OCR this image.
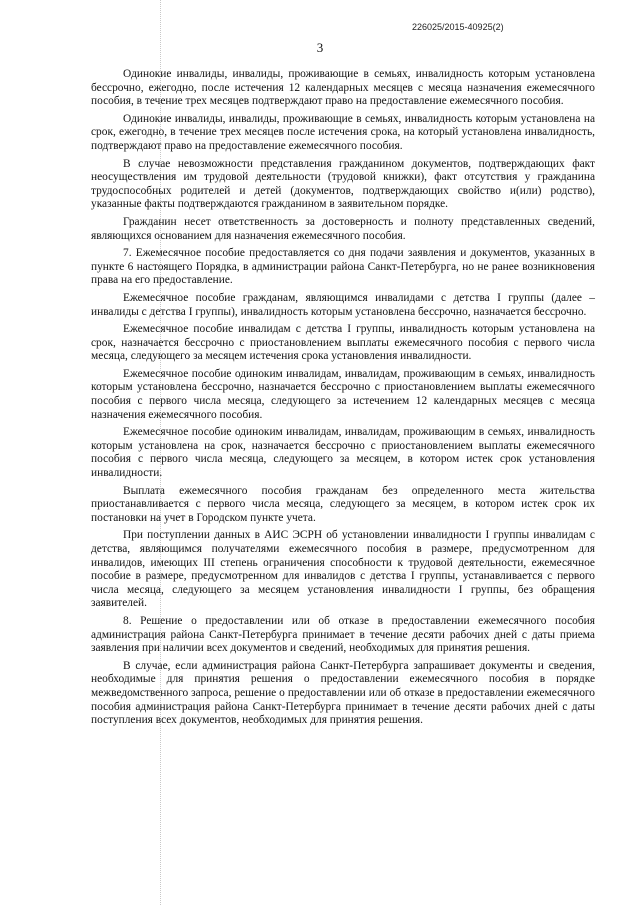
226025/2015-40925(2)
3

Одинокие инвалиды, инвалиды, проживающие в семьях, инвалидность которым установлена бессрочно, ежегодно, после истечения 12 календарных месяцев с месяца назначения ежемесячного пособия, в течение трех месяцев подтверждают право на предоставление ежемесячного пособия.

Одинокие инвалиды, инвалиды, проживающие в семьях, инвалидность которым установлена на срок, ежегодно, в течение трех месяцев после истечения срока, на который установлена инвалидность, подтверждают право на предоставление ежемесячного пособия.

В случае невозможности представления гражданином документов, подтверждающих факт неосуществления им трудовой деятельности (трудовой книжки), факт отсутствия у гражданина трудоспособных родителей и детей (документов, подтверждающих свойство и(или) родство), указанные факты подтверждаются гражданином в заявительном порядке.

Гражданин несет ответственность за достоверность и полноту представленных сведений, являющихся основанием для назначения ежемесячного пособия.

7. Ежемесячное пособие предоставляется со дня подачи заявления и документов, указанных в пункте 6 настоящего Порядка, в администрации района Санкт-Петербурга, но не ранее возникновения права на его предоставление.

Ежемесячное пособие гражданам, являющимся инвалидами с детства I группы (далее – инвалиды с детства I группы), инвалидность которым установлена бессрочно, назначается бессрочно.

Ежемесячное пособие инвалидам с детства I группы, инвалидность которым установлена на срок, назначается бессрочно с приостановлением выплаты ежемесячного пособия с первого числа месяца, следующего за месяцем истечения срока установления инвалидности.

Ежемесячное пособие одиноким инвалидам, инвалидам, проживающим в семьях, инвалидность которым установлена бессрочно, назначается бессрочно с приостановлением выплаты ежемесячного пособия с первого числа месяца, следующего за истечением 12 календарных месяцев с месяца назначения ежемесячного пособия.

Ежемесячное пособие одиноким инвалидам, инвалидам, проживающим в семьях, инвалидность которым установлена на срок, назначается бессрочно с приостановлением выплаты ежемесячного пособия с первого числа месяца, следующего за месяцем, в котором истек срок установления инвалидности.

Выплата ежемесячного пособия гражданам без определенного места жительства приостанавливается с первого числа месяца, следующего за месяцем, в котором истек срок их постановки на учет в Городском пункте учета.

При поступлении данных в АИС ЭСРН об установлении инвалидности I группы инвалидам с детства, являющимся получателями ежемесячного пособия в размере, предусмотренном для инвалидов, имеющих III степень ограничения способности к трудовой деятельности, ежемесячное пособие в размере, предусмотренном для инвалидов с детства I группы, устанавливается с первого числа месяца, следующего за месяцем установления инвалидности I группы, без обращения заявителей.

8. Решение о предоставлении или об отказе в предоставлении ежемесячного пособия администрация района Санкт-Петербурга принимает в течение десяти рабочих дней с даты приема заявления при наличии всех документов и сведений, необходимых для принятия решения.

В случае, если администрация района Санкт-Петербурга запрашивает документы и сведения, необходимые для принятия решения о предоставлении ежемесячного пособия в порядке межведомственного запроса, решение о предоставлении или об отказе в предоставлении ежемесячного пособия администрация района Санкт-Петербурга принимает в течение десяти рабочих дней с даты поступления всех документов, необходимых для принятия решения.
